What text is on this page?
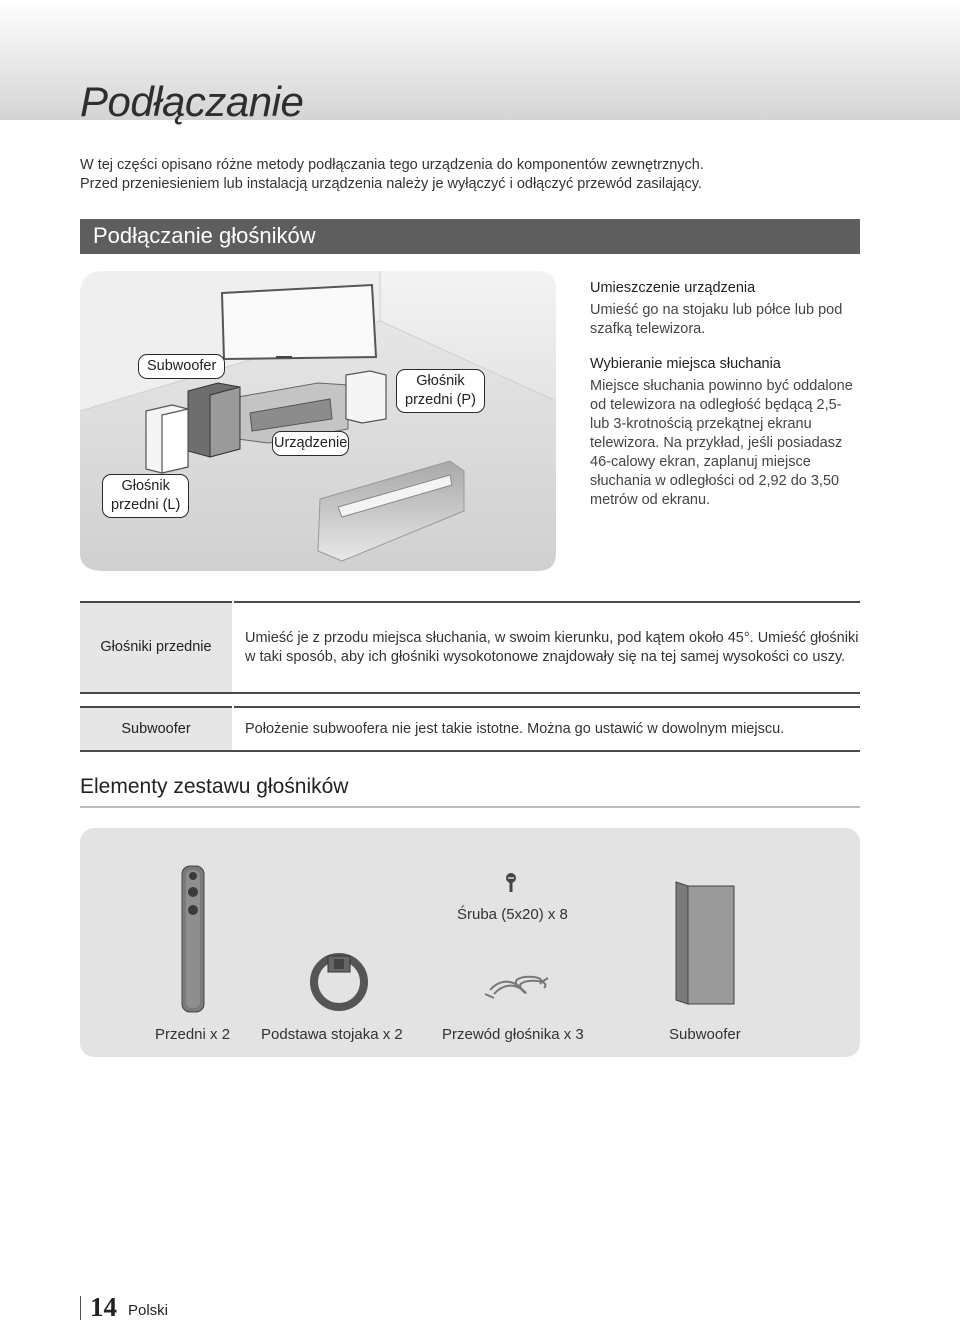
Podłączanie
W tej części opisano różne metody podłączania tego urządzenia do komponentów zewnętrznych.
Przed przeniesieniem lub instalacją urządzenia należy je wyłączyć i odłączyć przewód zasilający.
Podłączanie głośników
Subwoofer
Głośnik
przedni (L)
Urządzenie
Głośnik
przedni (P)
Umieszczenie urządzenia

Umieść go na stojaku lub półce lub pod szafką telewizora.

Wybieranie miejsca słuchania

Miejsce słuchania powinno być oddalone od telewizora na odległość będącą 2,5- lub 3-krotnością przekątnej ekranu telewizora. Na przykład, jeśli posiadasz 46-calowy ekran, zaplanuj miejsce słuchania w odległości od 2,92 do 3,50 metrów od ekranu.

Głośniki przednie	Umieść je z przodu miejsca słuchania, w swoim kierunku, pod kątem około 45°. Umieść głośniki w taki sposób, aby ich głośniki wysokotonowe znajdowały się na tej samej wysokości co uszy.

Subwoofer	Położenie subwoofera nie jest takie istotne. Można go ustawić w dowolnym miejscu.
Elementy zestawu głośników
Śruba (5x20) x 8
Przedni x 2 Podstawa stojaka x 2	Przewód głośnika x 3	Subwoofer
14 Polski
